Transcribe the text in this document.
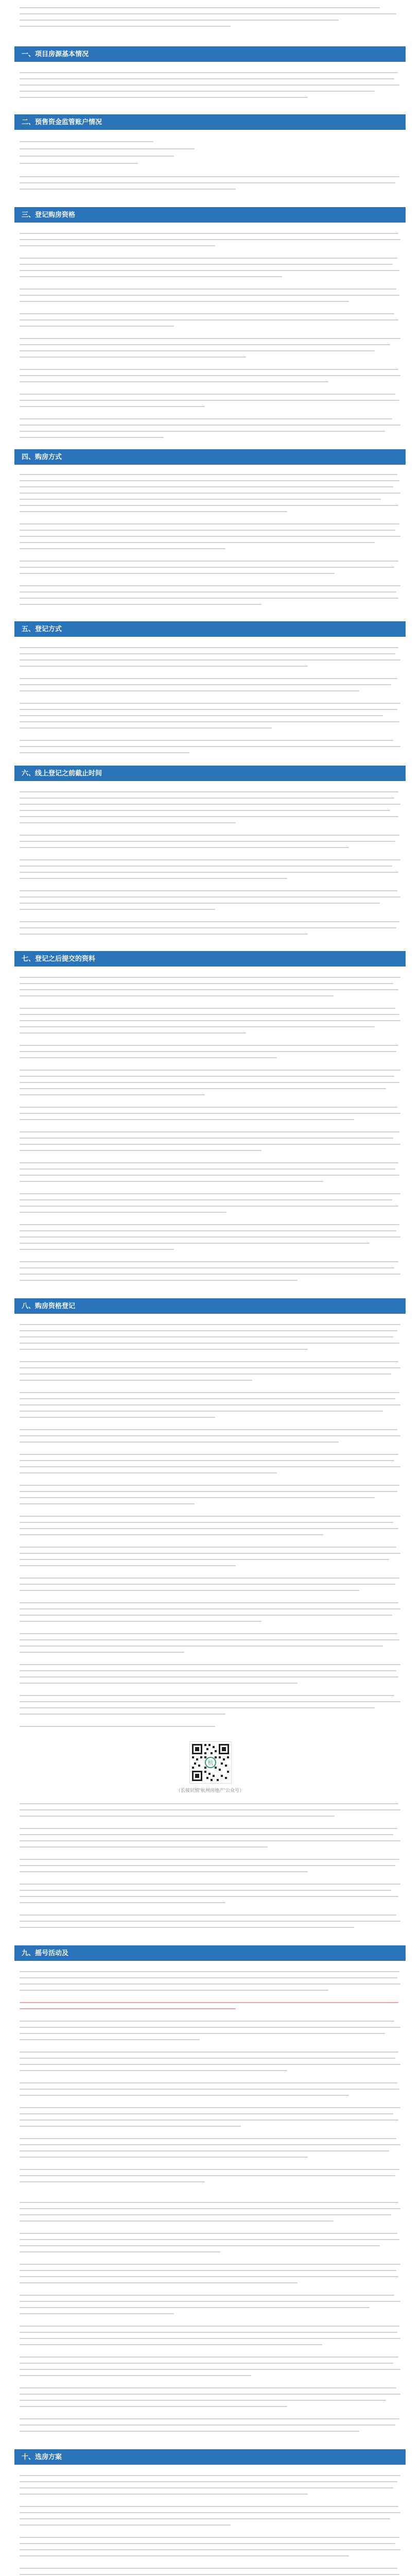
一、项目房源基本情况
二、预售资金监管账户情况
三、登记购房资格
四、购房方式
五、登记方式
六、线上登记之前截止时间
七、登记之后提交的资料
八、购房资格登记
杭
（长按识别“杭州房地产”公众号）
九、摇号活动及
十、选房方案
